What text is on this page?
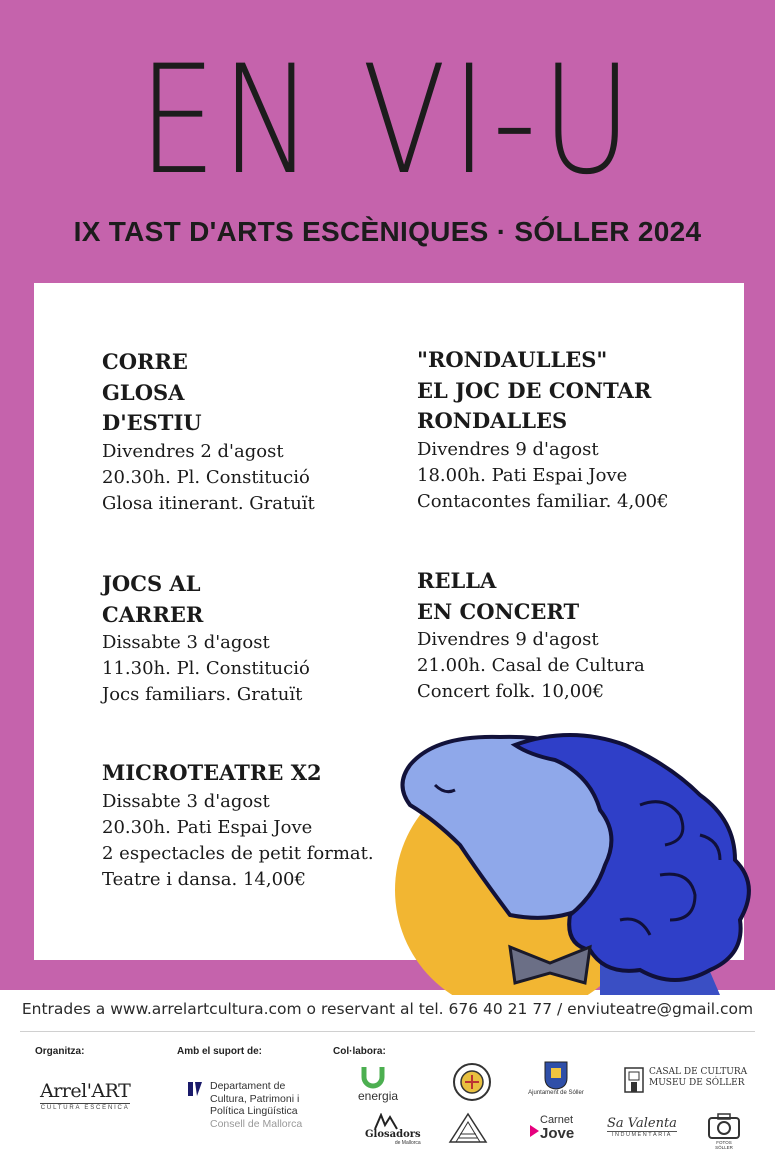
EN VI-U
IX TAST D'ARTS ESCÈNIQUES · SÓLLER 2024
CORRE
GLOSA
D'ESTIU
Divendres 2 d'agost
20.30h. Pl. Constitució
Glosa itinerant. Gratuït
JOCS AL
CARRER
Dissabte 3 d'agost
11.30h. Pl. Constitució
Jocs familiars. Gratuït
MICROTEATRE X2
Dissabte 3 d'agost
20.30h. Pati Espai Jove
2 espectacles de petit format.
Teatre i dansa. 14,00€
"RONDAULLES"
EL JOC DE CONTAR
RONDALLES
Divendres 9 d'agost
18.00h. Pati Espai Jove
Contacontes familiar. 4,00€
RELLA
EN CONCERT
Divendres 9 d'agost
21.00h. Casal de Cultura
Concert folk. 10,00€
Entrades a www.arrelartcultura.com o reservant al tel. 676 40 21 77 / enviuteatre@gmail.com
Organitza:	Amb el suport de:	Col·labora:
Arrel'ART
CULTURA ESCÈNICA
Departament de
Cultura, Patrimoni i
Política Lingüística
Consell de Mallorca
energia	Ajuntament de Sóller
CASAL DE CULTURA
MUSEU DE SÓLLER
Glosadors
de Mallorca
Carnet
Jove
Sa Valenta
INDUMENTÀRIA
FOTOS SÓLLER
